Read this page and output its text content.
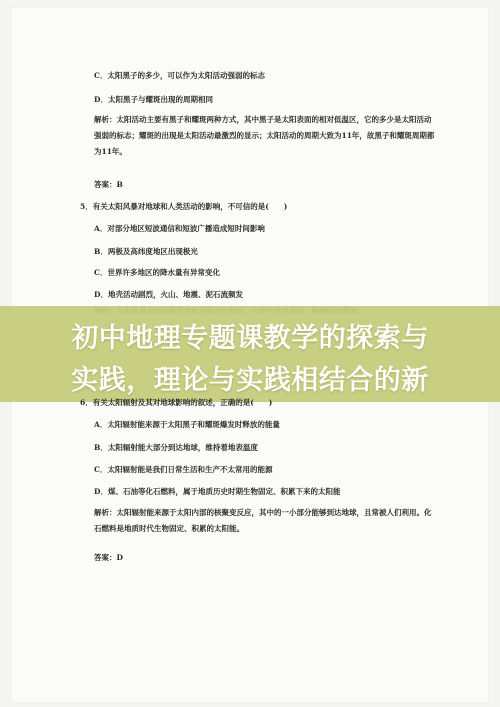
C．太阳黑子的多少，可以作为太阳活动强弱的标志
D．太阳黑子与耀斑出现的周期相同
解析：太阳活动主要有黑子和耀斑两种方式，其中黑子是太阳表面的相对低温区，它的多少是太阳活动强弱的标志；耀斑的出现是太阳活动最激烈的显示；太阳活动的周期大致为11年，故黑子和耀斑周期都为11年。
答案：B
5．有关太阳风暴对地球和人类活动的影响，不可信的是(　　)
A．对部分地区短波通信和短波广播造成短时间影响
B．两极及高纬度地区出现极光
C．世界许多地区的降水量有异常变化
D．地壳活动剧烈，火山、地震、泥石流频发
初中地理专题课教学的探索与
实践，理论与实践相结合的新
6．有关太阳辐射及其对地球影响的叙述，正确的是(　　)
A．太阳辐射能来源于太阳黑子和耀斑爆发时释放的能量
B．太阳辐射能大部分到达地球，维持着地表温度
C．太阳辐射能是我们日常生活和生产不太常用的能源
D．煤、石油等化石燃料，属于地质历史时期生物固定、积累下来的太阳能
解析：太阳辐射能来源于太阳内部的核聚变反应，其中的一小部分能够到达地球，且常被人们利用。化石燃料是地质时代生物固定、积累的太阳能。
答案：D
